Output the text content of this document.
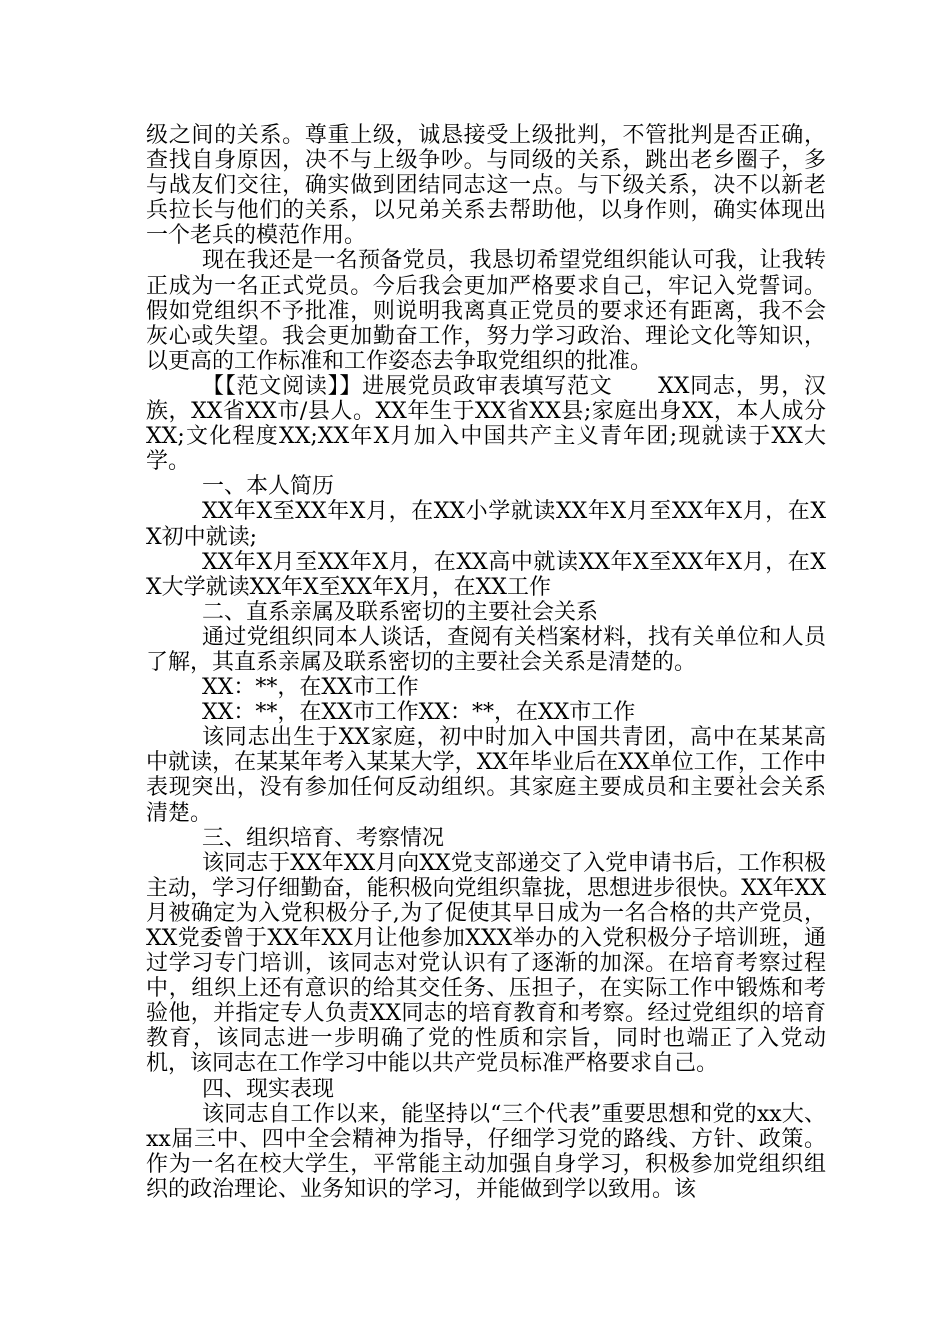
级之间的关系。尊重上级，诚恳接受上级批判，不管批判是否正确，查找自身原因，决不与上级争吵。与同级的关系，跳出老乡圈子，多与战友们交往，确实做到团结同志这一点。与下级关系，决不以新老兵拉长与他们的关系，以兄弟关系去帮助他，以身作则，确实体现出一个老兵的模范作用。

现在我还是一名预备党员，我恳切希望党组织能认可我，让我转正成为一名正式党员。今后我会更加严格要求自己，牢记入党誓词。假如党组织不予批准，则说明我离真正党员的要求还有距离，我不会灰心或失望。我会更加勤奋工作，努力学习政治、理论文化等知识，以更高的工作标准和工作姿态去争取党组织的批准。

【【范文阅读】】进展党员政审表填写范文　　XX同志，男，汉族，XX省XX市/县人。XX年生于XX省XX县;家庭出身XX，本人成分XX;文化程度XX;XX年X月加入中国共产主义青年团;现就读于XX大学。

一、本人简历

XX年X至XX年X月，在XX小学就读XX年X月至XX年X月，在XX初中就读;

XX年X月至XX年X月，在XX高中就读XX年X至XX年X月，在XX大学就读XX年X至XX年X月，在XX工作

二、直系亲属及联系密切的主要社会关系

通过党组织同本人谈话，查阅有关档案材料，找有关单位和人员了解，其直系亲属及联系密切的主要社会关系是清楚的。

XX：**，在XX市工作

XX：**，在XX市工作XX：**，在XX市工作

该同志出生于XX家庭，初中时加入中国共青团，高中在某某高中就读，在某某年考入某某大学，XX年毕业后在XX单位工作，工作中表现突出，没有参加任何反动组织。其家庭主要成员和主要社会关系清楚。

三、组织培育、考察情况

该同志于XX年XX月向XX党支部递交了入党申请书后，工作积极主动，学习仔细勤奋，能积极向党组织靠拢，思想进步很快。XX年XX月被确定为入党积极分子,为了促使其早日成为一名合格的共产党员，XX党委曾于XX年XX月让他参加XXX举办的入党积极分子培训班，通过学习专门培训，该同志对党认识有了逐渐的加深。在培育考察过程中，组织上还有意识的给其交任务、压担子，在实际工作中锻炼和考验他，并指定专人负责XX同志的培育教育和考察。经过党组织的培育教育，该同志进一步明确了党的性质和宗旨，同时也端正了入党动机，该同志在工作学习中能以共产党员标准严格要求自己。

四、现实表现

该同志自工作以来，能坚持以“三个代表”重要思想和党的xx大、xx届三中、四中全会精神为指导，仔细学习党的路线、方针、政策。作为一名在校大学生，平常能主动加强自身学习，积极参加党组织组织的政治理论、业务知识的学习，并能做到学以致用。该
